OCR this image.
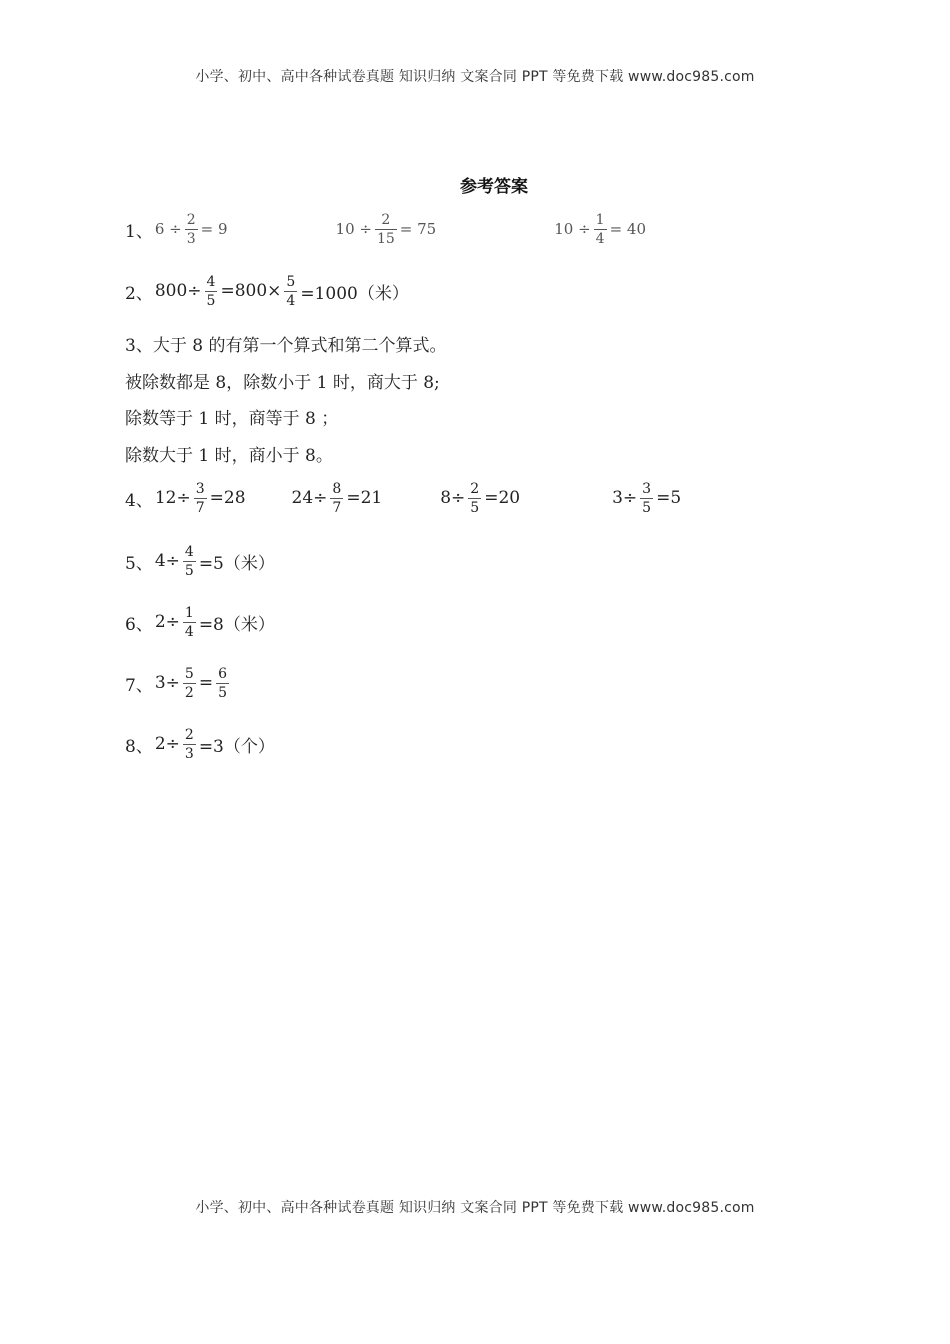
小学、初中、高中各种试卷真题 知识归纳 文案合同 PPT 等免费下载 www.doc985.com
参考答案
1、 $6 \div \frac{2}{3} = 9$	$10 \div \frac{2}{15} = 75$	$10 \div \frac{1}{4} = 40$
2、 $800\div \frac{4}{5} =800\times \frac{5}{4} =1000$（米）
3、大于 8 的有第一个算式和第二个算式。
被除数都是 8，除数小于 1 时，商大于 8;
除数等于 1 时，商等于 8 ；
除数大于 1 时，商小于 8。
4、 $12\div \frac{3}{7} =28$	$24\div \frac{8}{7} =21$	$8\div \frac{2}{5} =20$	$3\div \frac{3}{5} =5$
5、 $4\div \frac{4}{5} =5$（米）
6、 $2\div \frac{1}{4} =8$（米）
7、 $3\div \frac{5}{2} = \frac{6}{5}$
8、 $2\div \frac{2}{3} =3$（个）
小学、初中、高中各种试卷真题 知识归纳 文案合同 PPT 等免费下载 www.doc985.com
